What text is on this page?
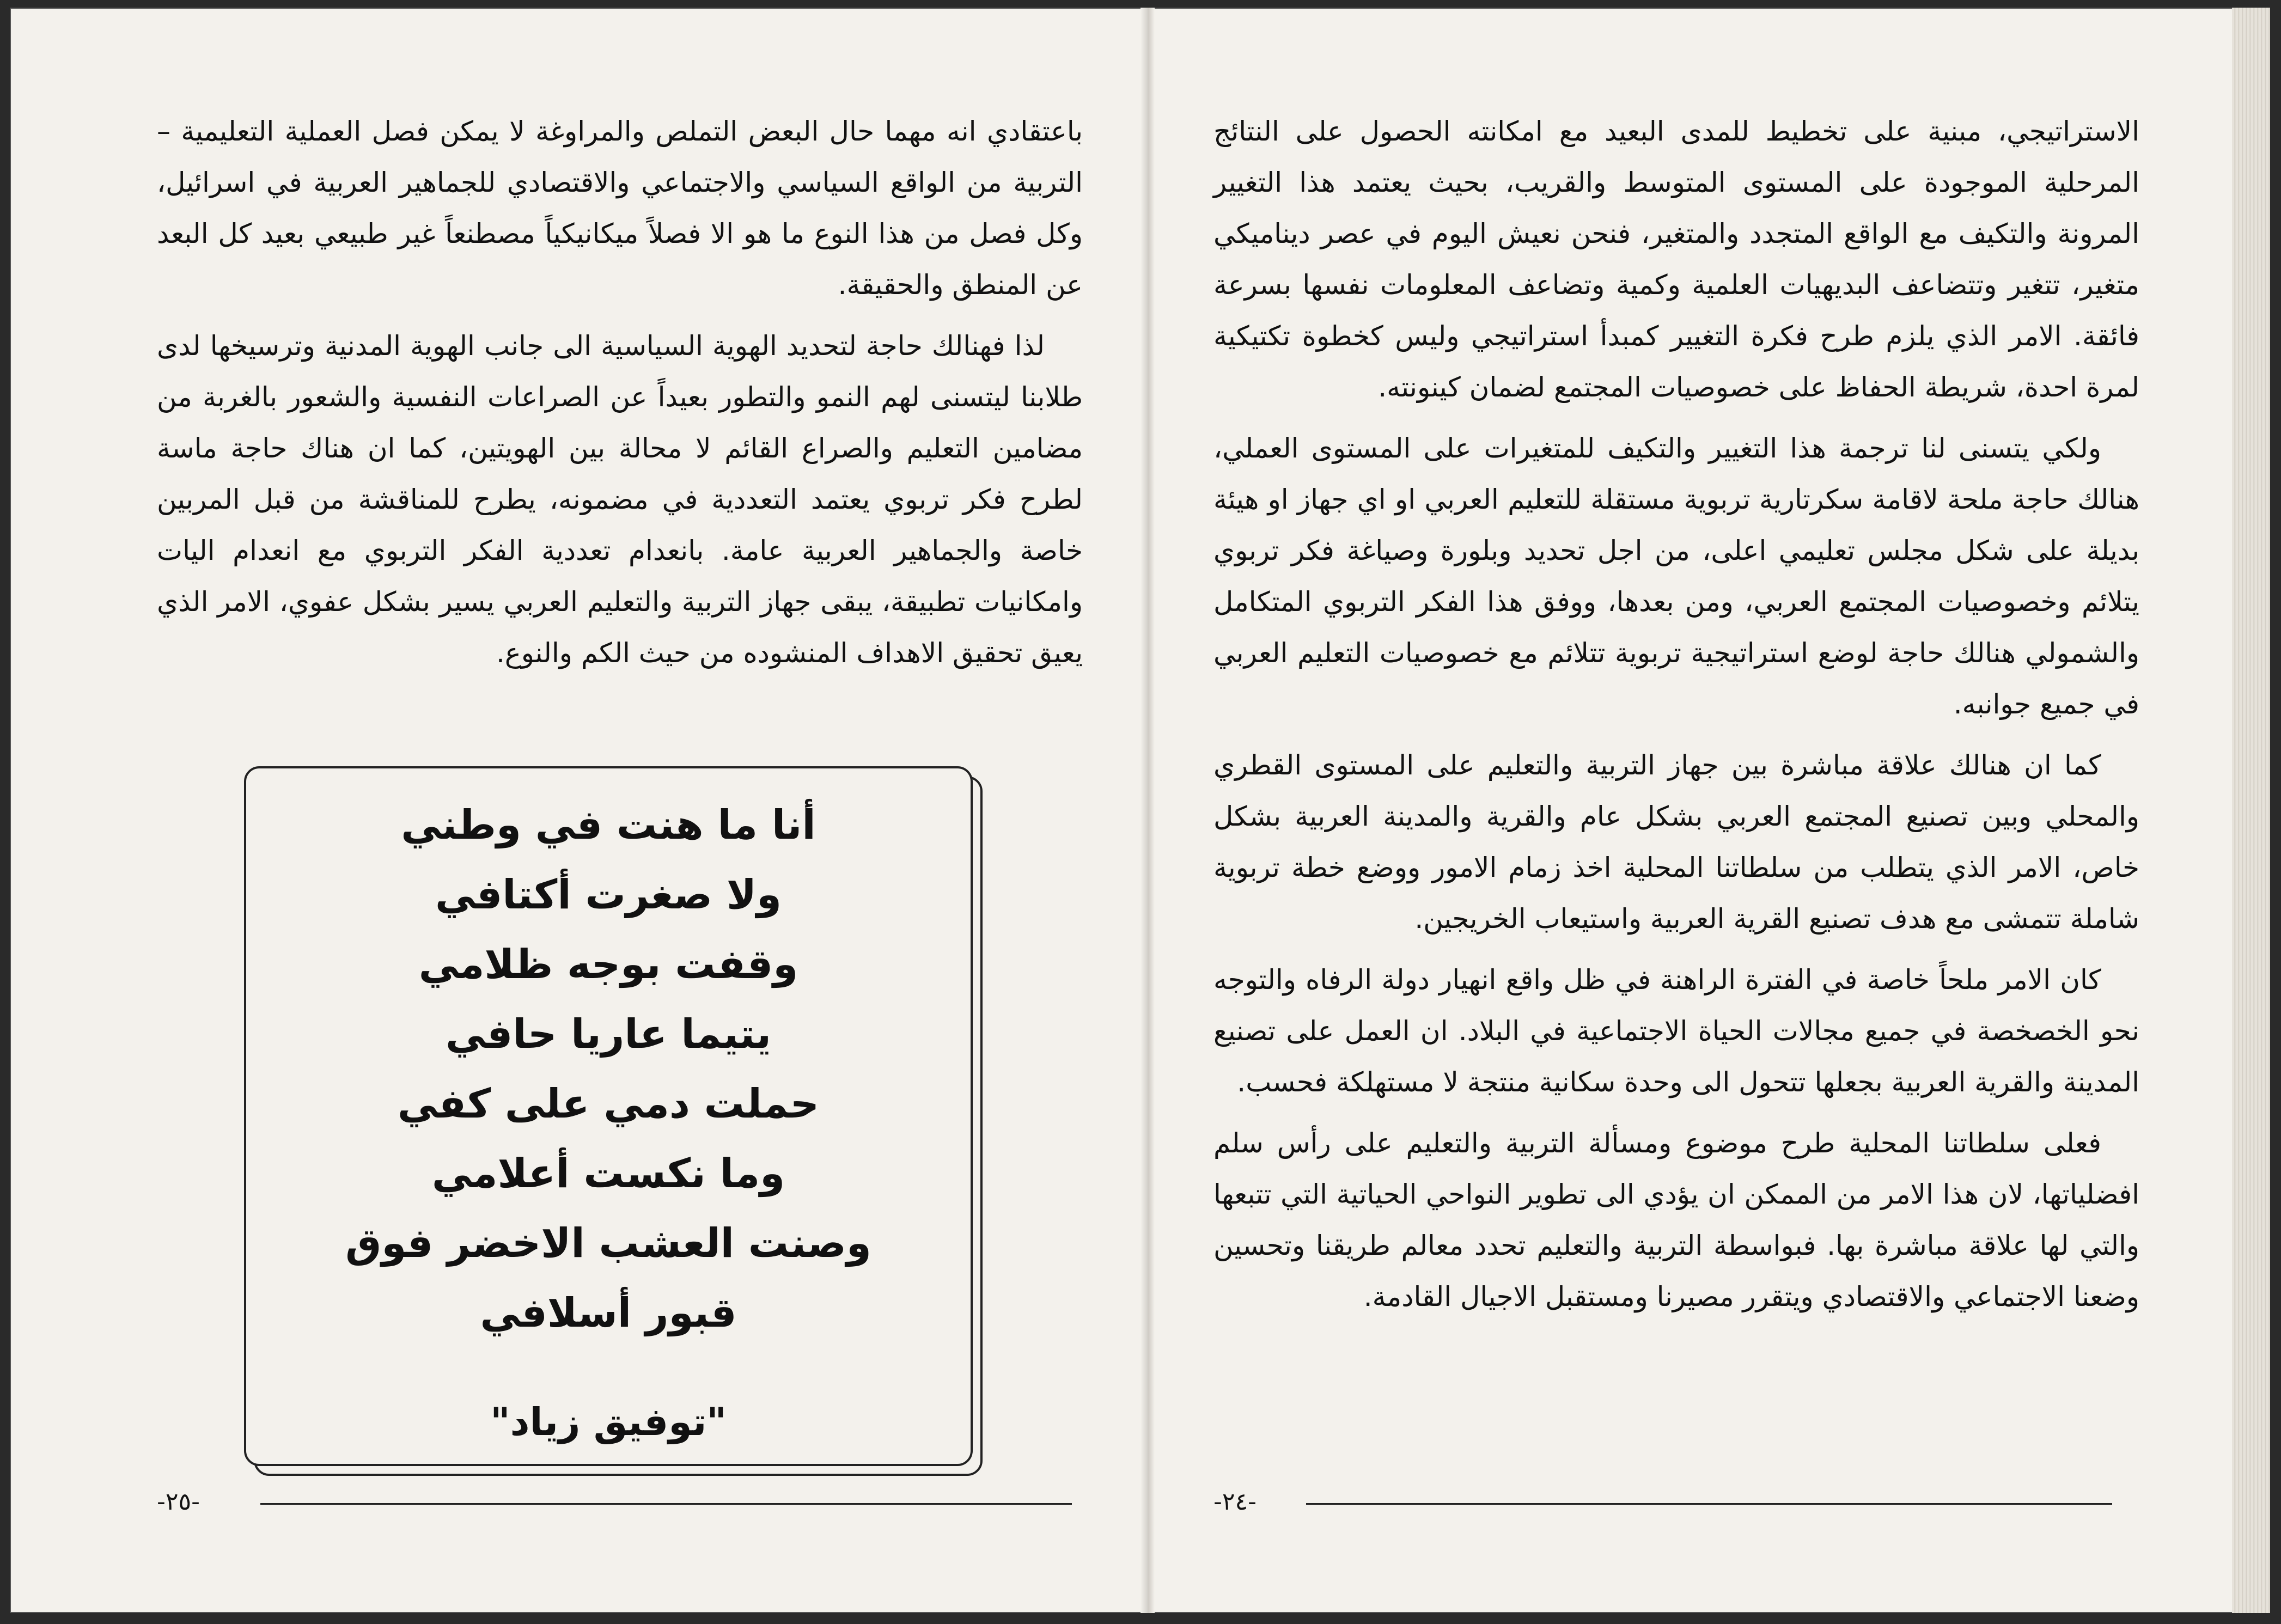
باعتقادي انه مهما حال البعض التملص والمراوغة لا يمكن فصل العملية التعليمية – التربية من الواقع السياسي والاجتماعي والاقتصادي للجماهير العربية في اسرائيل، وكل فصل من هذا النوع ما هو الا فصلاً ميكانيكياً مصطنعاً غير طبيعي بعيد كل البعد عن المنطق والحقيقة.

لذا فهنالك حاجة لتحديد الهوية السياسية الى جانب الهوية المدنية وترسيخها لدى طلابنا ليتسنى لهم النمو والتطور بعيداً عن الصراعات النفسية والشعور بالغربة من مضامين التعليم والصراع القائم لا محالة بين الهويتين، كما ان هناك حاجة ماسة لطرح فكر تربوي يعتمد التعددية في مضمونه، يطرح للمناقشة من قبل المربين خاصة والجماهير العربية عامة. بانعدام تعددية الفكر التربوي مع انعدام اليات وامكانيات تطبيقة، يبقى جهاز التربية والتعليم العربي يسير بشكل عفوي، الامر الذي يعيق تحقيق الاهداف المنشوده من حيث الكم والنوع.

أنا ما هنت في وطني
ولا صغرت أكتافي
وقفت بوجه ظلامي
يتيما عاريا حافي
حملت دمي على كفي
وما نكست أعلامي
وصنت العشب الاخضر فوق
قبور أسلافي
"توفيق زياد"
-٢٥-

الاستراتيجي، مبنية على تخطيط للمدى البعيد مع امكانته الحصول على النتائج المرحلية الموجودة على المستوى المتوسط والقريب، بحيث يعتمد هذا التغيير المرونة والتكيف مع الواقع المتجدد والمتغير، فنحن نعيش اليوم في عصر ديناميكي متغير، تتغير وتتضاعف البديهيات العلمية وكمية وتضاعف المعلومات نفسها بسرعة فائقة. الامر الذي يلزم طرح فكرة التغيير كمبدأ استراتيجي وليس كخطوة تكتيكية لمرة احدة، شريطة الحفاظ على خصوصيات المجتمع لضمان كينونته.

ولكي يتسنى لنا ترجمة هذا التغيير والتكيف للمتغيرات على المستوى العملي، هنالك حاجة ملحة لاقامة سكرتارية تربوية مستقلة للتعليم العربي او اي جهاز او هيئة بديلة على شكل مجلس تعليمي اعلى، من اجل تحديد وبلورة وصياغة فكر تربوي يتلائم وخصوصيات المجتمع العربي، ومن بعدها، ووفق هذا الفكر التربوي المتكامل والشمولي هنالك حاجة لوضع استراتيجية تربوية تتلائم مع خصوصيات التعليم العربي في جميع جوانبه.

كما ان هنالك علاقة مباشرة بين جهاز التربية والتعليم على المستوى القطري والمحلي وبين تصنيع المجتمع العربي بشكل عام والقرية والمدينة العربية بشكل خاص، الامر الذي يتطلب من سلطاتنا المحلية اخذ زمام الامور ووضع خطة تربوية شاملة تتمشى مع هدف تصنيع القرية العربية واستيعاب الخريجين.

كان الامر ملحاً خاصة في الفترة الراهنة في ظل واقع انهيار دولة الرفاه والتوجه نحو الخصخصة في جميع مجالات الحياة الاجتماعية في البلاد. ان العمل على تصنيع المدينة والقرية العربية بجعلها تتحول الى وحدة سكانية منتجة لا مستهلكة فحسب.

فعلى سلطاتنا المحلية طرح موضوع ومسألة التربية والتعليم على رأس سلم افضلياتها، لان هذا الامر من الممكن ان يؤدي الى تطوير النواحي الحياتية التي تتبعها والتي لها علاقة مباشرة بها. فبواسطة التربية والتعليم تحدد معالم طريقنا وتحسين وضعنا الاجتماعي والاقتصادي ويتقرر مصيرنا ومستقبل الاجيال القادمة.

-٢٤-
